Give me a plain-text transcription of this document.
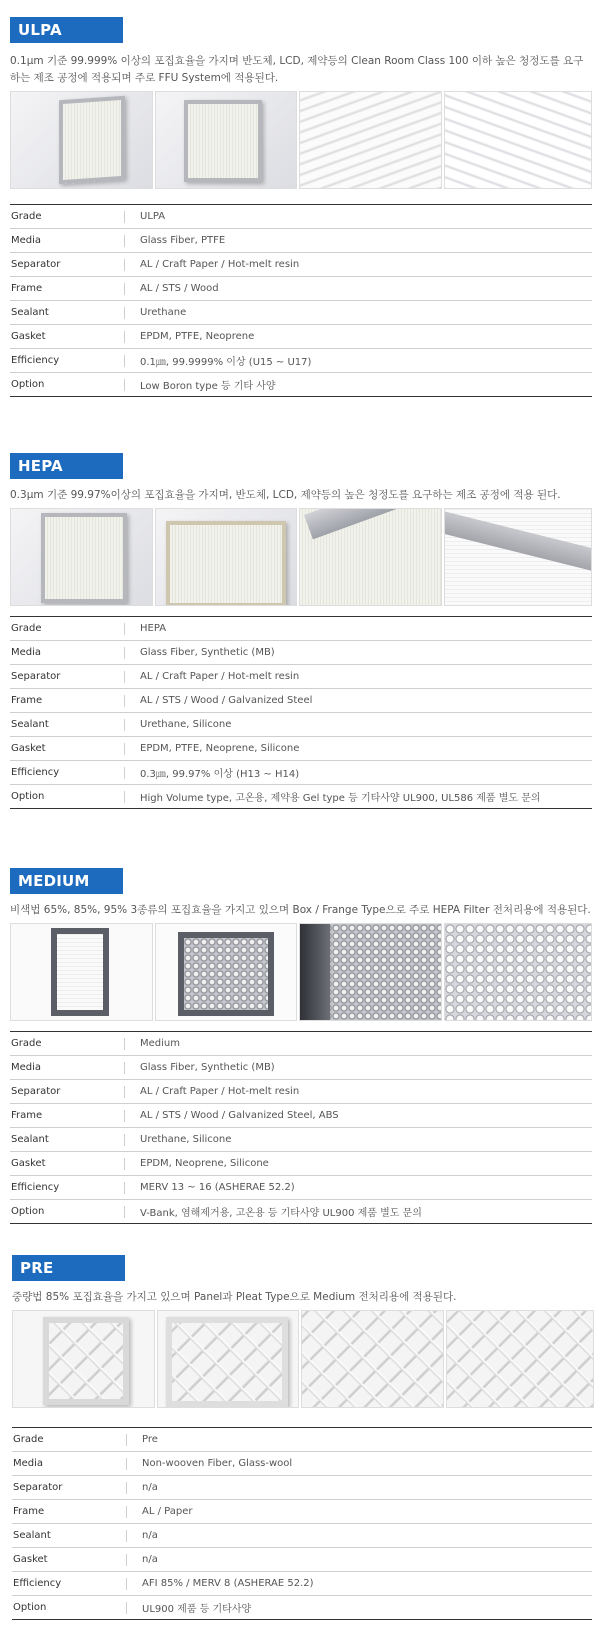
ULPA
0.1μm 기준 99.999% 이상의 포집효율을 가지며 반도체, LCD, 제약등의 Clean Room Class 100 이하 높은 청정도를 요구하는 제조 공정에 적용되며 주로 FFU System에 적용된다.
Grade	ULPA
Media	Glass Fiber, PTFE
Separator	AL / Craft Paper / Hot-melt resin
Frame	AL / STS / Wood
Sealant	Urethane
Gasket	EPDM, PTFE, Neoprene
Efficiency	0.1㎛, 99.9999% 이상 (U15 ~ U17)
Option	Low Boron type 등 기타 사양
HEPA
0.3μm 기준 99.97%이상의 포집효율을 가지며, 반도체, LCD, 제약등의 높은 청정도를 요구하는 제조 공정에 적용 된다.
Grade	HEPA
Media	Glass Fiber, Synthetic (MB)
Separator	AL / Craft Paper / Hot-melt resin
Frame	AL / STS / Wood / Galvanized Steel
Sealant	Urethane, Silicone
Gasket	EPDM, PTFE, Neoprene, Silicone
Efficiency	0.3㎛, 99.97% 이상 (H13 ~ H14)
Option	High Volume type, 고온용, 제약용 Gel type 등 기타사양 UL900, UL586 제품 별도 문의
MEDIUM
비색법 65%, 85%, 95% 3종류의 포집효율을 가지고 있으며 Box / Frange Type으로 주로 HEPA Filter 전처리용에 적용된다.
Grade	Medium
Media	Glass Fiber, Synthetic (MB)
Separator	AL / Craft Paper / Hot-melt resin
Frame	AL / STS / Wood / Galvanized Steel, ABS
Sealant	Urethane, Silicone
Gasket	EPDM, Neoprene, Silicone
Efficiency	MERV 13 ~ 16 (ASHERAE 52.2)
Option	V-Bank, 염해제거용, 고온용 등 기타사양 UL900 제품 별도 문의
PRE
중량법 85% 포집효율을 가지고 있으며 Panel과 Pleat Type으로 Medium 전처리용에 적용된다.
Grade	Pre
Media	Non-wooven Fiber, Glass-wool
Separator	n/a
Frame	AL / Paper
Sealant	n/a
Gasket	n/a
Efficiency	AFI 85% / MERV 8 (ASHERAE 52.2)
Option	UL900 제품 등 기타사양
